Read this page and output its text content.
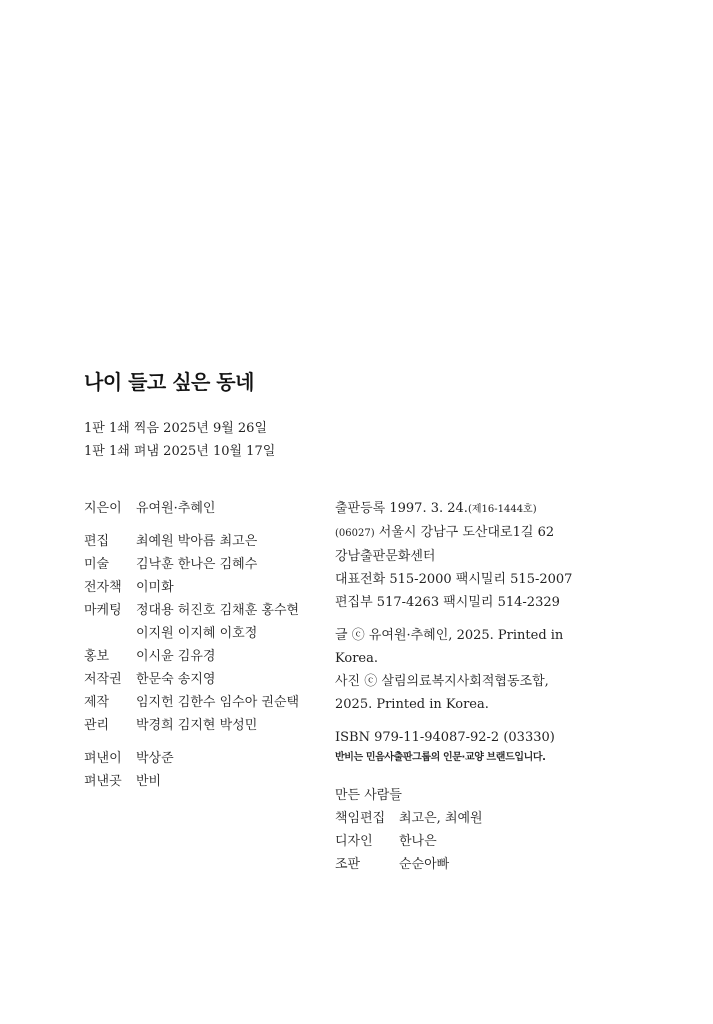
나이 들고 싶은 동네
1판 1쇄 찍음 2025년 9월 26일
1판 1쇄 펴냄 2025년 10월 17일
지은이 유여원·추혜인
편집 최예원 박아름 최고은
미술 김낙훈 한나은 김혜수
전자책 이미화
마케팅 정대용 허진호 김채훈 홍수현
이지원 이지혜 이호정
홍보 이시윤 김유경
저작권 한문숙 송지영
제작 임지헌 김한수 임수아 권순택
관리 박경희 김지현 박성민
펴낸이 박상준
펴낸곳 반비
출판등록 1997. 3. 24.(제16-1444호)
(06027) 서울시 강남구 도산대로1길 62
강남출판문화센터
대표전화 515-2000 팩시밀리 515-2007
편집부 517-4263 팩시밀리 514-2329
글 ⓒ 유여원·추혜인, 2025. Printed in Korea.
사진 ⓒ 살림의료복지사회적협동조합, 2025. Printed in Korea.
ISBN 979-11-94087-92-2 (03330)
반비는 민음사출판그룹의 인문·교양 브랜드입니다.
만든 사람들
책임편집 최고은, 최예원
디자인 한나은
조판	순순아빠
